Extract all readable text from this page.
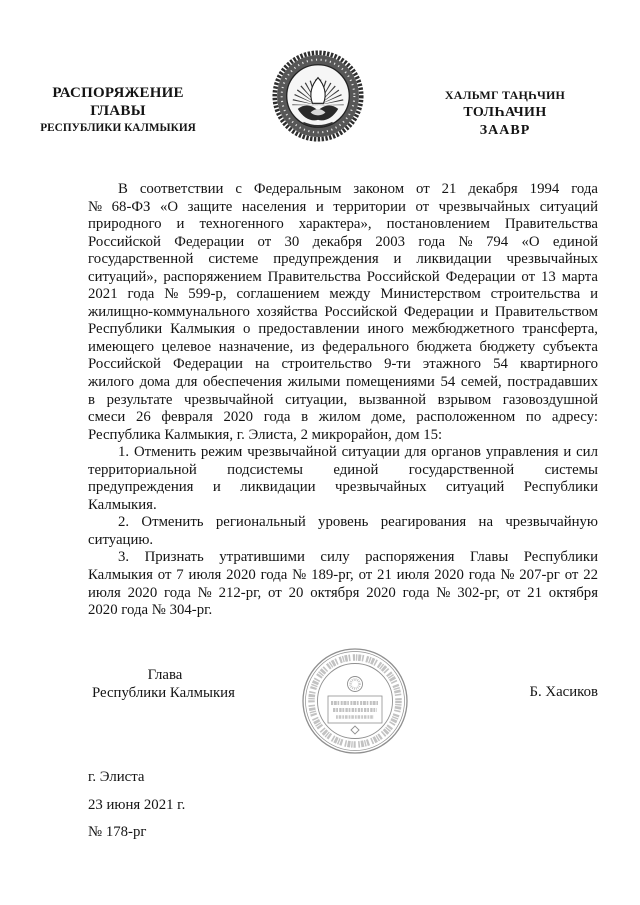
РАСПОРЯЖЕНИЕ
ГЛАВЫ
РЕСПУБЛИКИ КАЛМЫКИЯ
ХАЛЬМГ ТАҢҺЧИН
ТОЛҺАЧИН
ЗААВР
В соответствии с Федеральным законом от 21 декабря 1994 года
№ 68-ФЗ «О защите населения и территории от чрезвычайных ситуаций
природного и техногенного характера», постановлением Правительства
Российской Федерации от 30 декабря 2003 года № 794 «О единой
государственной системе предупреждения и ликвидации чрезвычайных
ситуаций», распоряжением Правительства Российской Федерации от 13 марта
2021 года № 599-р, соглашением между Министерством строительства и
жилищно-коммунального хозяйства Российской Федерации и Правительством
Республики Калмыкия о предоставлении иного межбюджетного трансферта,
имеющего целевое назначение, из федерального бюджета бюджету субъекта
Российской Федерации на строительство 9-ти этажного 54 квартирного
жилого дома для обеспечения жилыми помещениями 54 семей, пострадавших
в результате чрезвычайной ситуации, вызванной взрывом газовоздушной
смеси 26 февраля 2020 года в жилом доме, расположенном по адресу:
Республика Калмыкия, г. Элиста, 2 микрорайон, дом 15:
1. Отменить режим чрезвычайной ситуации для органов управления и сил
территориальной подсистемы единой государственной системы
предупреждения и ликвидации чрезвычайных ситуаций Республики
Калмыкия.
2. Отменить региональный уровень реагирования на чрезвычайную
ситуацию.
3. Признать утратившими силу распоряжения Главы Республики
Калмыкия от 7 июля 2020 года № 189-рг, от 21 июля 2020 года № 207-рг от 22
июля 2020 года № 212-рг, от 20 октября 2020 года № 302-рг, от 21 октября
2020 года № 304-рг.
Глава
Республики Калмыкия	Б. Хасиков
г. Элиста
23 июня 2021 г.
№ 178-рг
